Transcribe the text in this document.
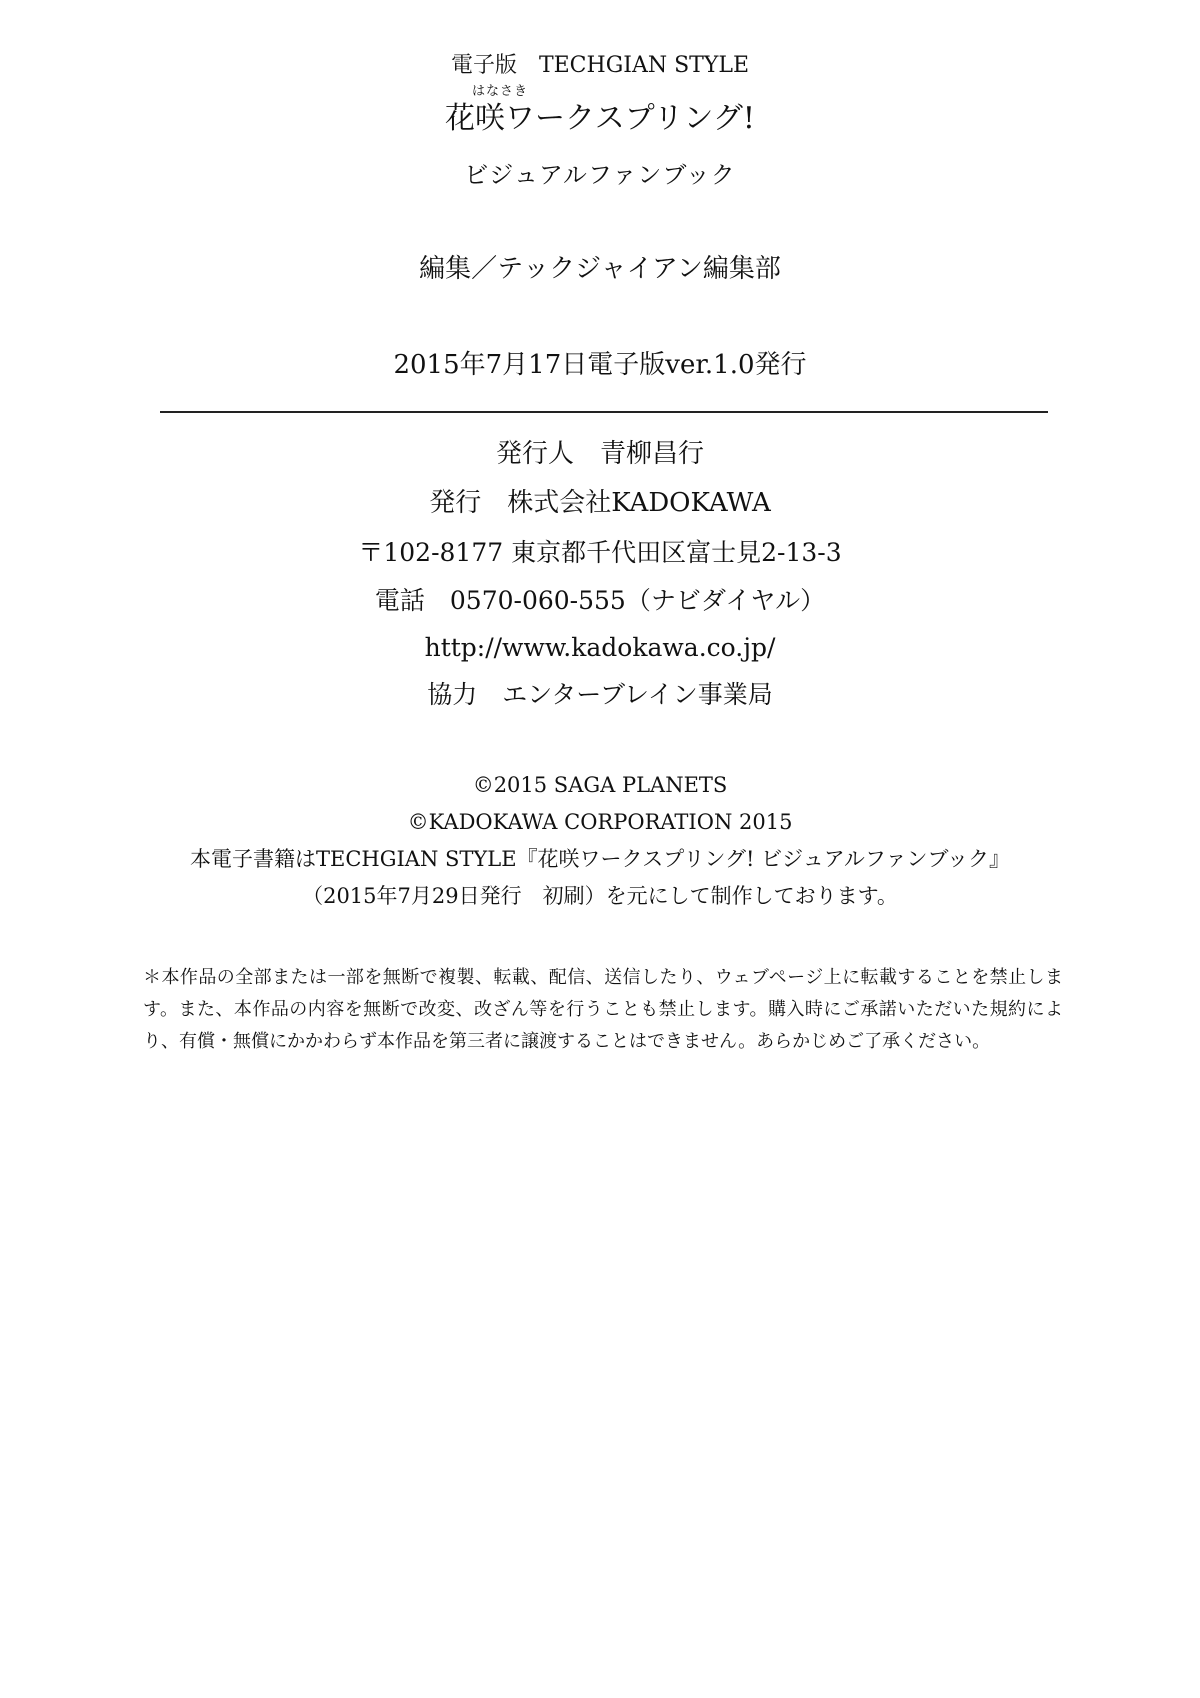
電子版　TECHGIAN STYLE
はなさき
花咲ワークスプリング!
ビジュアルファンブック
編集／テックジャイアン編集部
2015年7月17日電子版ver.1.0発行
発行人　青柳昌行
発行　株式会社KADOKAWA
〒102-8177 東京都千代田区富士見2-13-3
電話　0570-060-555（ナビダイヤル）
http://www.kadokawa.co.jp/
協力　エンターブレイン事業局
©2015 SAGA PLANETS
©KADOKAWA CORPORATION 2015
本電子書籍はTECHGIAN STYLE『花咲ワークスプリング! ビジュアルファンブック』
（2015年7月29日発行　初刷）を元にして制作しております。
＊本作品の全部または一部を無断で複製、転載、配信、送信したり、ウェブページ上に転載することを禁止します。また、本作品の内容を無断で改変、改ざん等を行うことも禁止します。購入時にご承諾いただいた規約により、有償・無償にかかわらず本作品を第三者に譲渡することはできません。あらかじめご了承ください。
